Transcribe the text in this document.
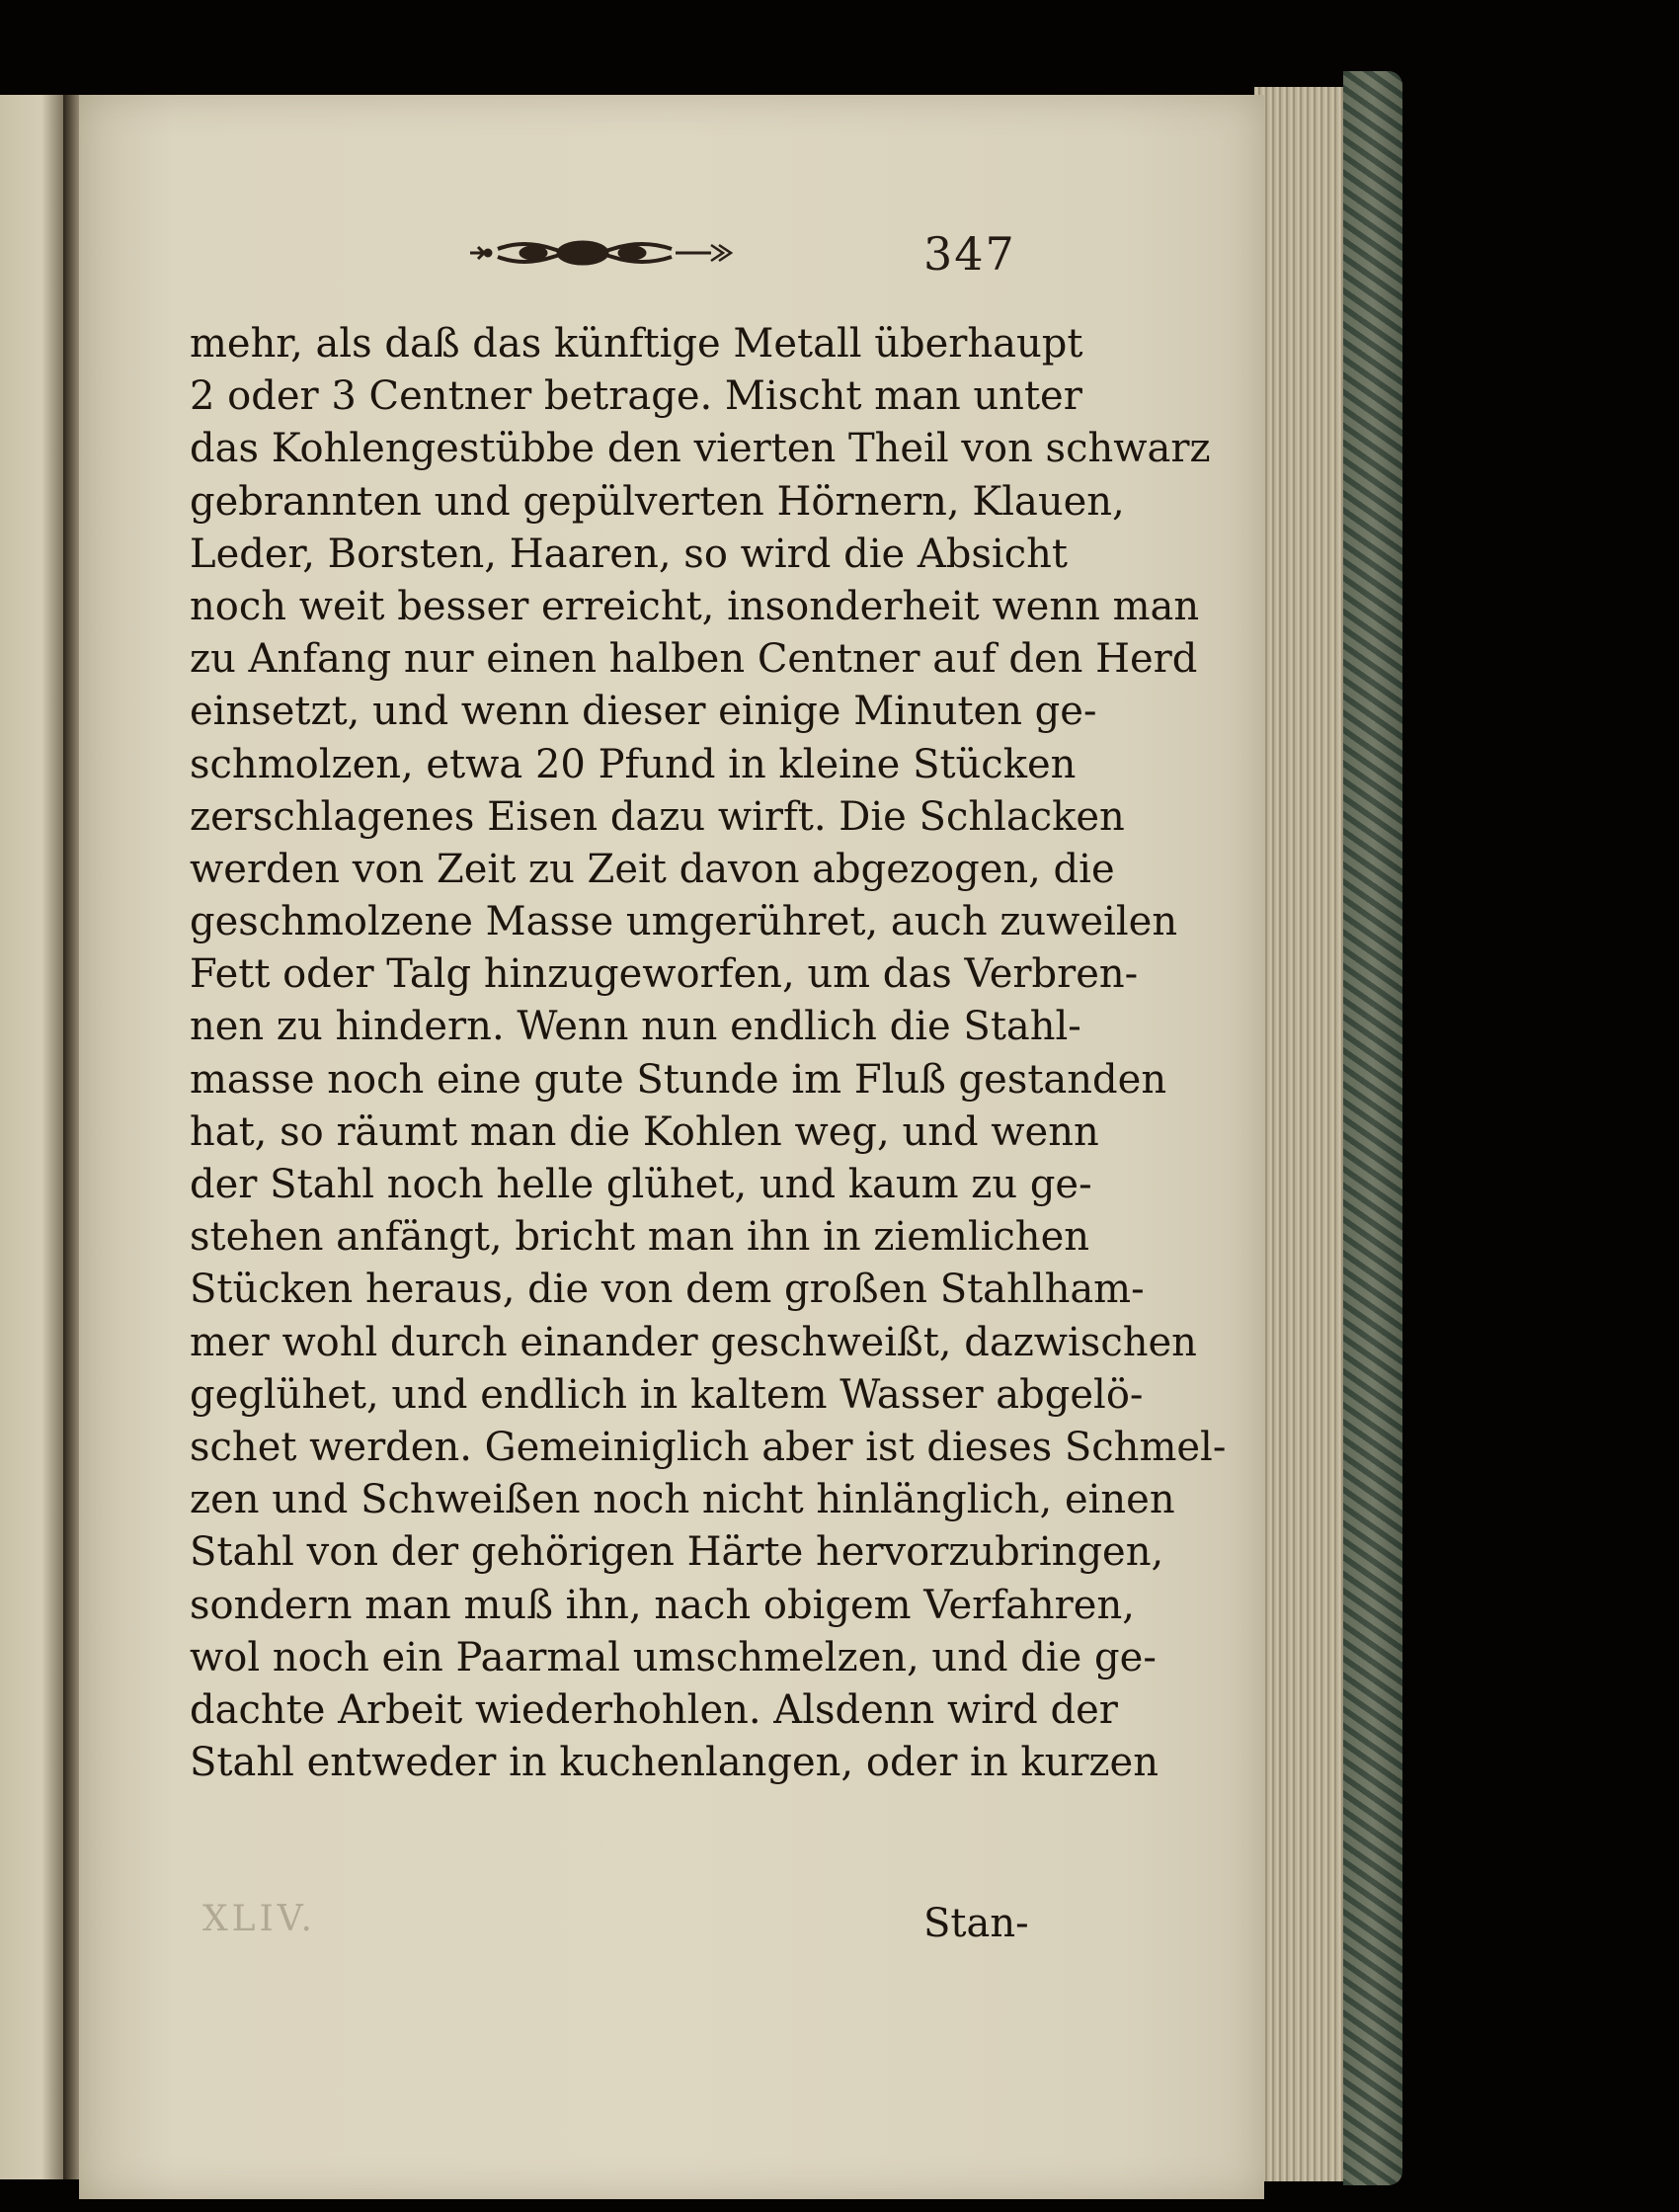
347
mehr, als daß das künftige Metall überhaupt
2 oder 3 Centner betrage. Mischt man unter
das Kohlengestübbe den vierten Theil von schwarz
gebrannten und gepülverten Hörnern, Klauen,
Leder, Borsten, Haaren, so wird die Absicht
noch weit besser erreicht, insonderheit wenn man
zu Anfang nur einen halben Centner auf den Herd
einsetzt, und wenn dieser einige Minuten ge-
schmolzen, etwa 20 Pfund in kleine Stücken
zerschlagenes Eisen dazu wirft. Die Schlacken
werden von Zeit zu Zeit davon abgezogen, die
geschmolzene Masse umgerühret, auch zuweilen
Fett oder Talg hinzugeworfen, um das Verbren-
nen zu hindern. Wenn nun endlich die Stahl-
masse noch eine gute Stunde im Fluß gestanden
hat, so räumt man die Kohlen weg, und wenn
der Stahl noch helle glühet, und kaum zu ge-
stehen anfängt, bricht man ihn in ziemlichen
Stücken heraus, die von dem großen Stahlham-
mer wohl durch einander geschweißt, dazwischen
geglühet, und endlich in kaltem Wasser abgelö-
schet werden. Gemeiniglich aber ist dieses Schmel-
zen und Schweißen noch nicht hinlänglich, einen
Stahl von der gehörigen Härte hervorzubringen,
sondern man muß ihn, nach obigem Verfahren,
wol noch ein Paarmal umschmelzen, und die ge-
dachte Arbeit wiederhohlen. Alsdenn wird der
Stahl entweder in kuchenlangen, oder in kurzen
XLIV.	Stan-
